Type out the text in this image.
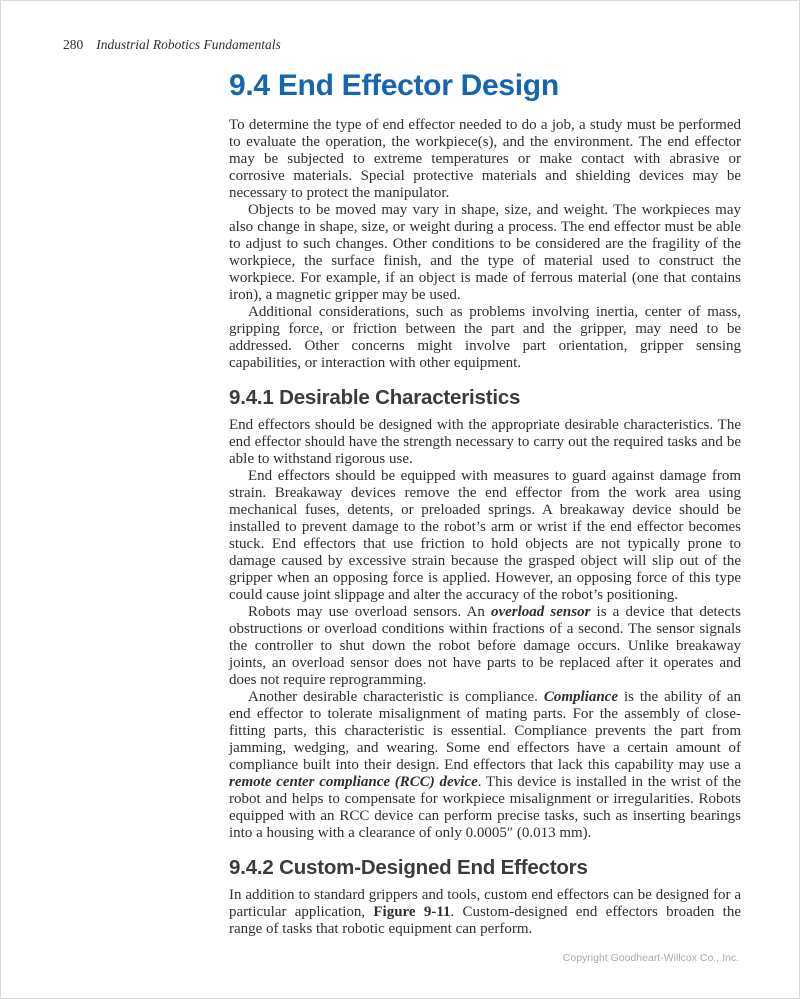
280 Industrial Robotics Fundamentals
9.4 End Effector Design

To determine the type of end effector needed to do a job, a study must be performed to evaluate the operation, the workpiece(s), and the environment. The end effector may be subjected to extreme temperatures or make contact with abrasive or corrosive materials. Special protective materials and shielding devices may be necessary to protect the manipulator.

Objects to be moved may vary in shape, size, and weight. The workpieces may also change in shape, size, or weight during a process. The end effector must be able to adjust to such changes. Other conditions to be considered are the fragility of the workpiece, the surface finish, and the type of material used to construct the workpiece. For example, if an object is made of ferrous material (one that contains iron), a magnetic gripper may be used.

Additional considerations, such as problems involving inertia, center of mass, gripping force, or friction between the part and the gripper, may need to be addressed. Other concerns might involve part orientation, gripper sensing capabilities, or interaction with other equipment.

9.4.1 Desirable Characteristics

End effectors should be designed with the appropriate desirable characteristics. The end effector should have the strength necessary to carry out the required tasks and be able to withstand rigorous use.

End effectors should be equipped with measures to guard against damage from strain. Breakaway devices remove the end effector from the work area using mechanical fuses, detents, or preloaded springs. A breakaway device should be installed to prevent damage to the robot’s arm or wrist if the end effector becomes stuck. End effectors that use friction to hold objects are not typically prone to damage caused by excessive strain because the grasped object will slip out of the gripper when an opposing force is applied. However, an opposing force of this type could cause joint slippage and alter the accuracy of the robot’s positioning.

Robots may use overload sensors. An overload sensor is a device that detects obstructions or overload conditions within fractions of a second. The sensor signals the controller to shut down the robot before damage occurs. Unlike breakaway joints, an overload sensor does not have parts to be replaced after it operates and does not require reprogramming.

Another desirable characteristic is compliance. Compliance is the ability of an end effector to tolerate misalignment of mating parts. For the assembly of close-fitting parts, this characteristic is essential. Compliance prevents the part from jamming, wedging, and wearing. Some end effectors have a certain amount of compliance built into their design. End effectors that lack this capability may use a remote center compliance (RCC) device. This device is installed in the wrist of the robot and helps to compensate for workpiece misalignment or irregularities. Robots equipped with an RCC device can perform precise tasks, such as inserting bearings into a housing with a clearance of only 0.0005″ (0.013 mm).

9.4.2 Custom-Designed End Effectors

In addition to standard grippers and tools, custom end effectors can be designed for a particular application, Figure 9-11. Custom-designed end effectors broaden the range of tasks that robotic equipment can perform.

Copyright Goodheart-Willcox Co., Inc.
